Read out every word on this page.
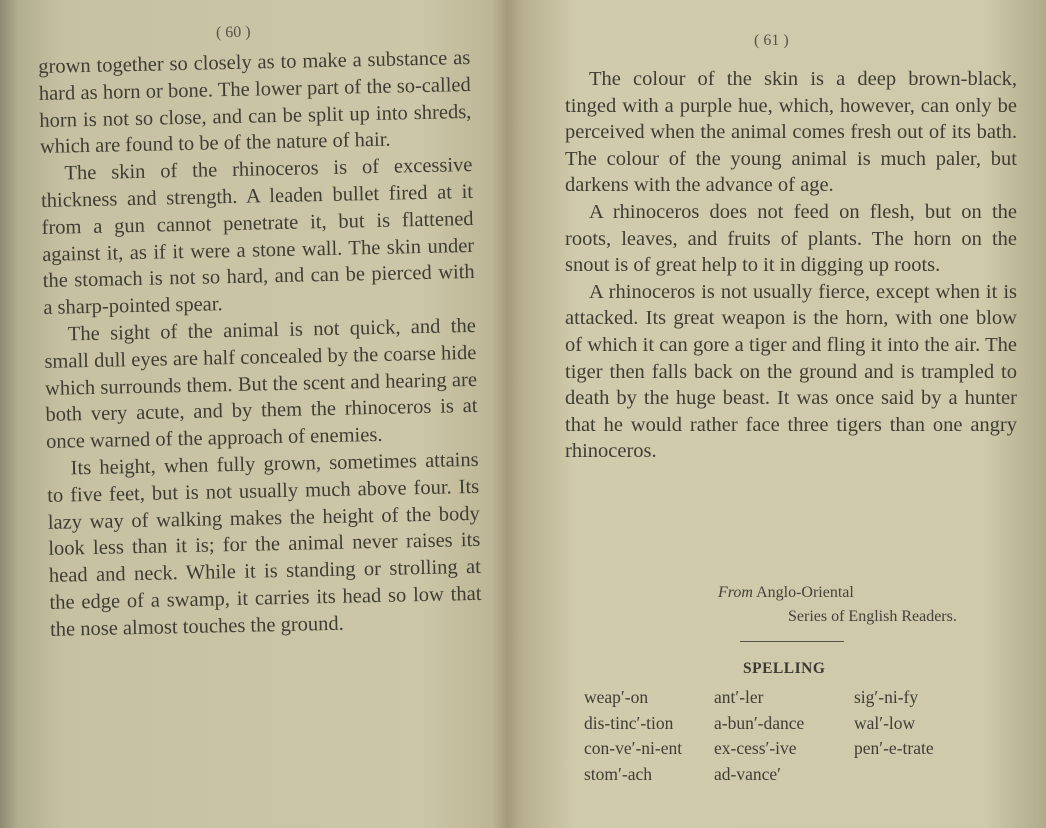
( 60 )

grown together so closely as to make a substance as hard as horn or bone. The lower part of the so-called horn is not so close, and can be split up into shreds, which are found to be of the nature of hair.

The skin of the rhinoceros is of excessive thickness and strength. A leaden bullet fired at it from a gun cannot penetrate it, but is flattened against it, as if it were a stone wall. The skin under the stomach is not so hard, and can be pierced with a sharp-pointed spear.

The sight of the animal is not quick, and the small dull eyes are half concealed by the coarse hide which surrounds them. But the scent and hearing are both very acute, and by them the rhinoceros is at once warned of the approach of enemies.

Its height, when fully grown, sometimes attains to five feet, but is not usually much above four. Its lazy way of walking makes the height of the body look less than it is; for the animal never raises its head and neck. While it is standing or strolling at the edge of a swamp, it carries its head so low that the nose almost touches the ground.

( 61 )

The colour of the skin is a deep brown-black, tinged with a purple hue, which, however, can only be perceived when the animal comes fresh out of its bath. The colour of the young animal is much paler, but darkens with the advance of age.

A rhinoceros does not feed on flesh, but on the roots, leaves, and fruits of plants. The horn on the snout is of great help to it in digging up roots.

A rhinoceros is not usually fierce, except when it is attacked. Its great weapon is the horn, with one blow of which it can gore a tiger and fling it into the air. The tiger then falls back on the ground and is trampled to death by the huge beast. It was once said by a hunter that he would rather face three tigers than one angry rhinoceros.

From Anglo-Oriental
Series of English Readers.
SPELLING
weap′-on	ant′-ler	sig′-ni-fy
dis-tinc′-tion	a-bun′-dance	wal′-low
con-ve′-ni-ent	ex-cess′-ive	pen′-e-trate
stom′-ach	ad-vance′
